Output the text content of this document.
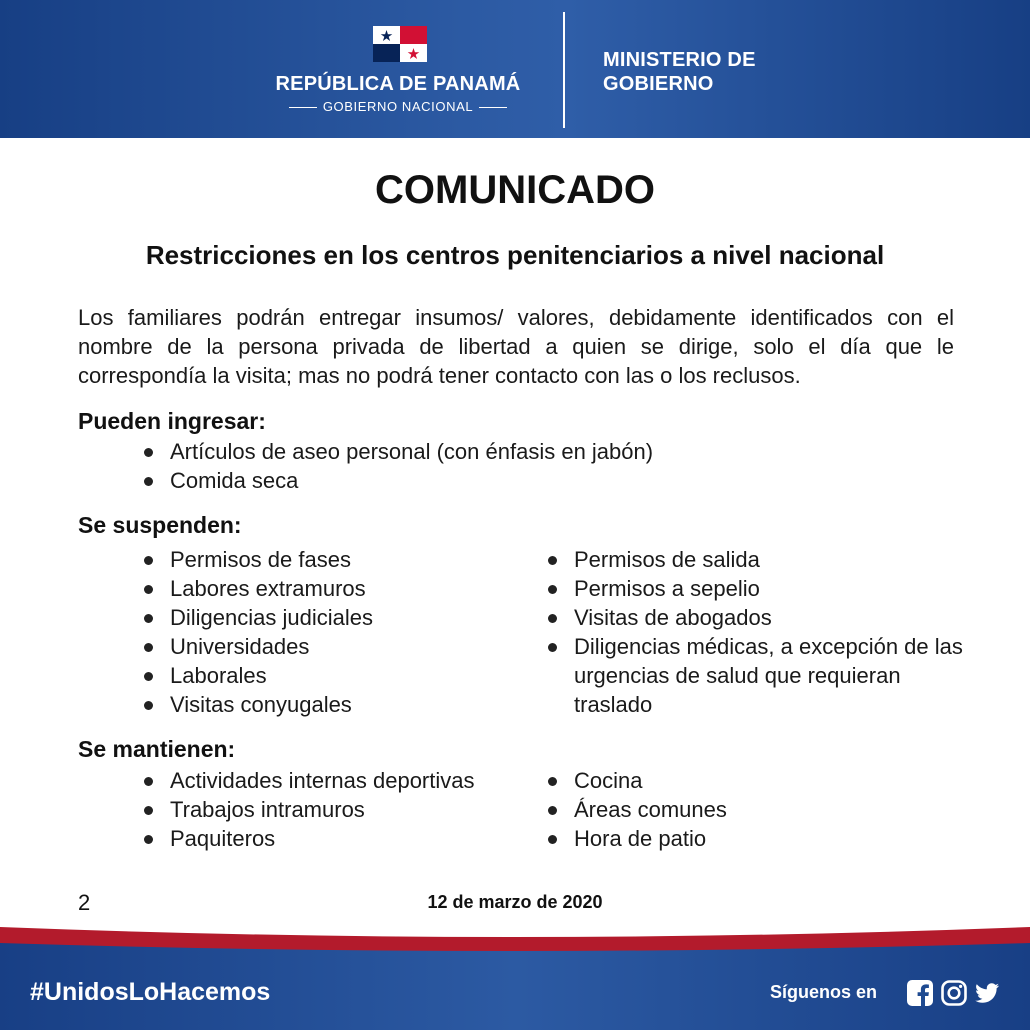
REPÚBLICA DE PANAMÁ
GOBIERNO NACIONAL
MINISTERIO DE
GOBIERNO
COMUNICADO
Restricciones en los centros penitenciarios a nivel nacional
Los familiares podrán entregar insumos/ valores, debidamente identificados con el nombre de la persona privada de libertad a quien se dirige, solo el día que le correspondía la visita; mas no podrá tener contacto con las o los reclusos.
Pueden ingresar:
Artículos de aseo personal (con énfasis en jabón)
Comida seca
Se suspenden:
Permisos de fases
Labores extramuros
Diligencias judiciales
Universidades
Laborales
Visitas conyugales
Permisos de salida
Permisos a sepelio
Visitas de abogados
Diligencias médicas, a excepción de las urgencias de salud que requieran traslado
Se mantienen:
Actividades internas deportivas
Trabajos intramuros
Paquiteros
Cocina
Áreas comunes
Hora de patio
2	12 de marzo de 2020
#UnidosLoHacemos	Síguenos en
